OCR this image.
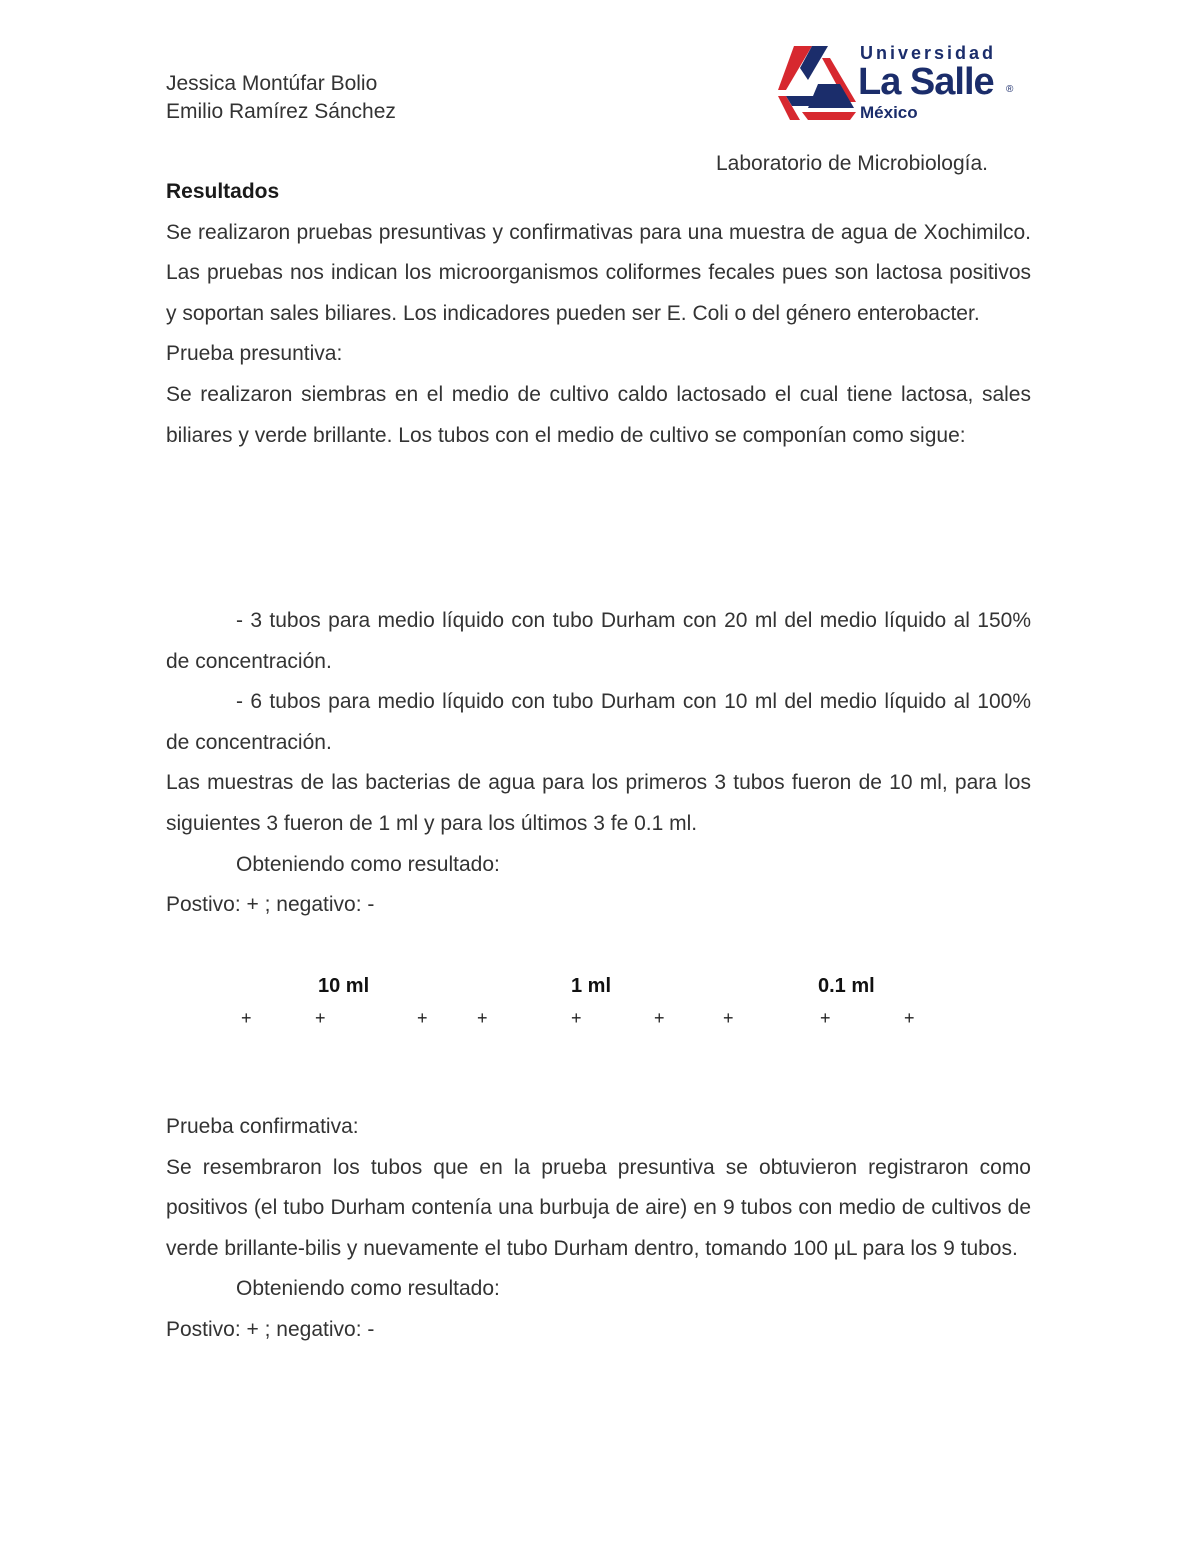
Jessica Montúfar Bolio
Emilio Ramírez Sánchez
Universidad
La Salle ®
México
Laboratorio de Microbiología.

Resultados

Se realizaron pruebas presuntivas y confirmativas para una muestra de agua de Xochimilco. Las pruebas nos indican los microorganismos coliformes fecales pues son lactosa positivos y soportan sales biliares. Los indicadores pueden ser E. Coli o del género enterobacter.

Prueba presuntiva:

Se realizaron siembras en el medio de cultivo caldo lactosado el cual tiene lactosa, sales biliares y verde brillante. Los tubos con el medio de cultivo se componían como sigue:

- 3 tubos para medio líquido con tubo Durham con 20 ml del medio líquido al 150% de concentración.

- 6 tubos para medio líquido con tubo Durham con 10 ml del medio líquido al 100% de concentración.

Las muestras de las bacterias de agua para los primeros 3 tubos fueron de 10 ml, para los siguientes 3 fueron de 1 ml y para los últimos 3 fe 0.1 ml.

Obteniendo como resultado:

Postivo: + ; negativo: -

10 ml	1 ml	0.1 ml
+	+	+	+	+	+	+	+	+

Prueba confirmativa:

Se resembraron los tubos que en la prueba presuntiva se obtuvieron registraron como positivos (el tubo Durham contenía una burbuja de aire) en 9 tubos con medio de cultivos de verde brillante-bilis y nuevamente el tubo Durham dentro, tomando 100 µL para los 9 tubos.

Obteniendo como resultado:

Postivo: + ; negativo: -
